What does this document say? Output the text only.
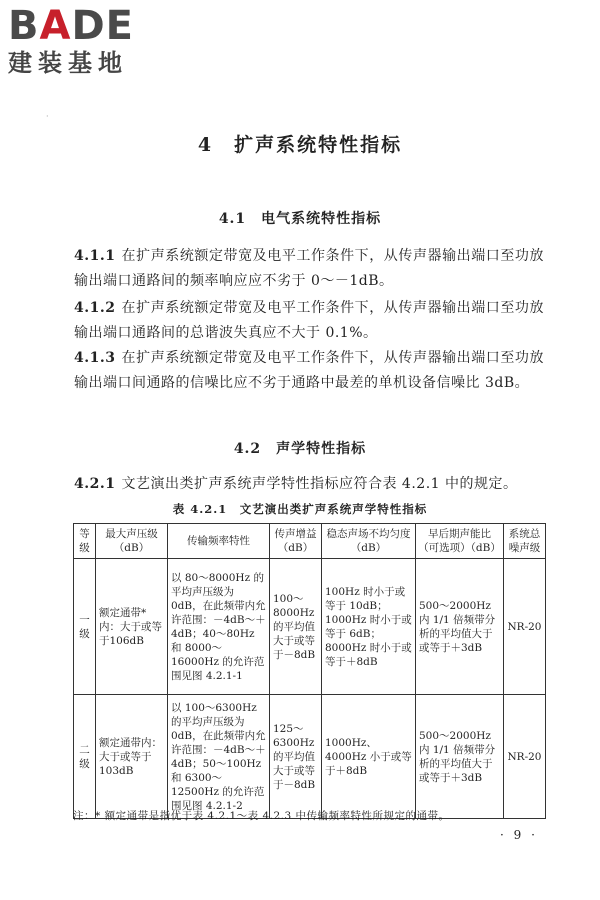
BADE
建装基地
·
4　扩声系统特性指标
4.1　电气系统特性指标
4.1.1 在扩声系统额定带宽及电平工作条件下，从传声器输出端口至功放输出端口通路间的频率响应应不劣于 0～－1dB。
4.1.2 在扩声系统额定带宽及电平工作条件下，从传声器输出端口至功放输出端口通路间的总谐波失真应不大于 0.1%。
4.1.3 在扩声系统额定带宽及电平工作条件下，从传声器输出端口至功放输出端口间通路的信噪比应不劣于通路中最差的单机设备信噪比 3dB。
4.2　声学特性指标
4.2.1 文艺演出类扩声系统声学特性指标应符合表 4.2.1 中的规定。
表 4.2.1　文艺演出类扩声系统声学特性指标
等级	最大声压级（dB）	传输频率特性	传声增益（dB）	稳态声场不均匀度（dB）	早后期声能比（可选项）（dB）	系统总噪声级
一级	额定通带*内：大于或等于106dB	以 80～8000Hz 的平均声压级为 0dB，在此频带内允许范围：－4dB～＋4dB；40～80Hz 和 8000～16000Hz 的允许范围见图 4.2.1-1	100～8000Hz的平均值大于或等于－8dB	100Hz 时小于或等于 10dB；1000Hz 时小于或等于 6dB；8000Hz 时小于或等于＋8dB	500～2000Hz 内 1/1 倍频带分析的平均值大于或等于＋3dB	NR-20
二级	额定通带内：大于或等于 103dB	以 100～6300Hz 的平均声压级为 0dB，在此频带内允许范围：－4dB～＋4dB；50～100Hz 和 6300～12500Hz 的允许范围见图 4.2.1-2	125～6300Hz的平均值大于或等于－8dB	1000Hz、4000Hz 小于或等于＋8dB	500～2000Hz 内 1/1 倍频带分析的平均值大于或等于＋3dB	NR-20
注：* 额定通带是指优于表 4.2.1～表 4.2.3 中传输频率特性所规定的通带。
· 9 ·
